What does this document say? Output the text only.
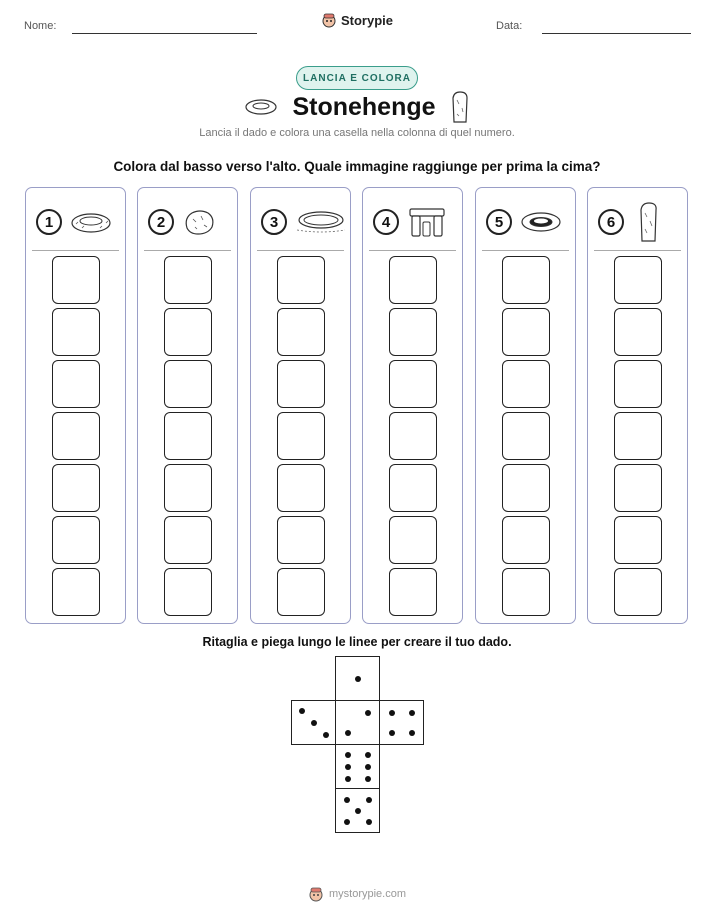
Nome:	Data:
Storypie
LANCIA E COLORA
Stonehenge
Lancia il dado e colora una casella nella colonna di quel numero.
Colora dal basso verso l'alto. Quale immagine raggiunge per prima la cima?
1	2	3	4	5	6
Ritaglia e piega lungo le linee per creare il tuo dado.
mystorypie.com
